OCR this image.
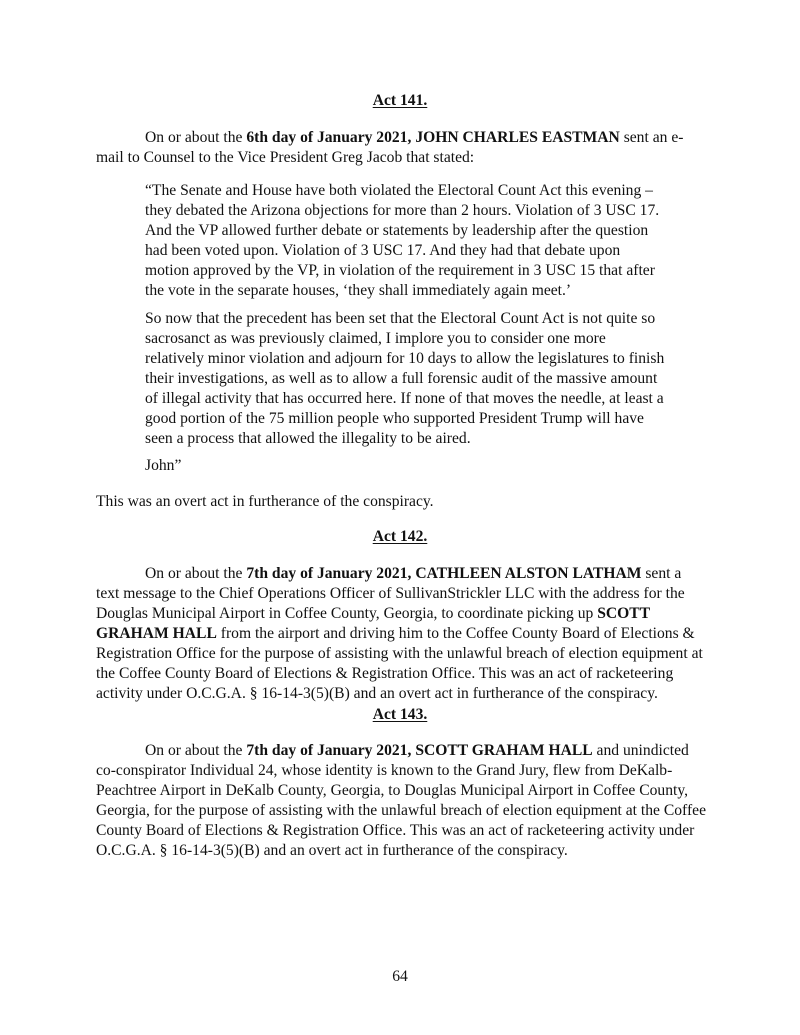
Act 141.

On or about the 6th day of January 2021, JOHN CHARLES EASTMAN sent an e-mail to Counsel to the Vice President Greg Jacob that stated:

“The Senate and House have both violated the Electoral Count Act this evening – they debated the Arizona objections for more than 2 hours. Violation of 3 USC 17. And the VP allowed further debate or statements by leadership after the question had been voted upon. Violation of 3 USC 17. And they had that debate upon motion approved by the VP, in violation of the requirement in 3 USC 15 that after the vote in the separate houses, ‘they shall immediately again meet.’

So now that the precedent has been set that the Electoral Count Act is not quite so sacrosanct as was previously claimed, I implore you to consider one more relatively minor violation and adjourn for 10 days to allow the legislatures to finish their investigations, as well as to allow a full forensic audit of the massive amount of illegal activity that has occurred here. If none of that moves the needle, at least a good portion of the 75 million people who supported President Trump will have seen a process that allowed the illegality to be aired.

John”

This was an overt act in furtherance of the conspiracy.

Act 142.

On or about the 7th day of January 2021, CATHLEEN ALSTON LATHAM sent a text message to the Chief Operations Officer of SullivanStrickler LLC with the address for the Douglas Municipal Airport in Coffee County, Georgia, to coordinate picking up SCOTT GRAHAM HALL from the airport and driving him to the Coffee County Board of Elections & Registration Office for the purpose of assisting with the unlawful breach of election equipment at the Coffee County Board of Elections & Registration Office. This was an act of racketeering activity under O.C.G.A. § 16-14-3(5)(B) and an overt act in furtherance of the conspiracy.

Act 143.

On or about the 7th day of January 2021, SCOTT GRAHAM HALL and unindicted co-conspirator Individual 24, whose identity is known to the Grand Jury, flew from DeKalb-Peachtree Airport in DeKalb County, Georgia, to Douglas Municipal Airport in Coffee County, Georgia, for the purpose of assisting with the unlawful breach of election equipment at the Coffee County Board of Elections & Registration Office. This was an act of racketeering activity under O.C.G.A. § 16-14-3(5)(B) and an overt act in furtherance of the conspiracy.

64
